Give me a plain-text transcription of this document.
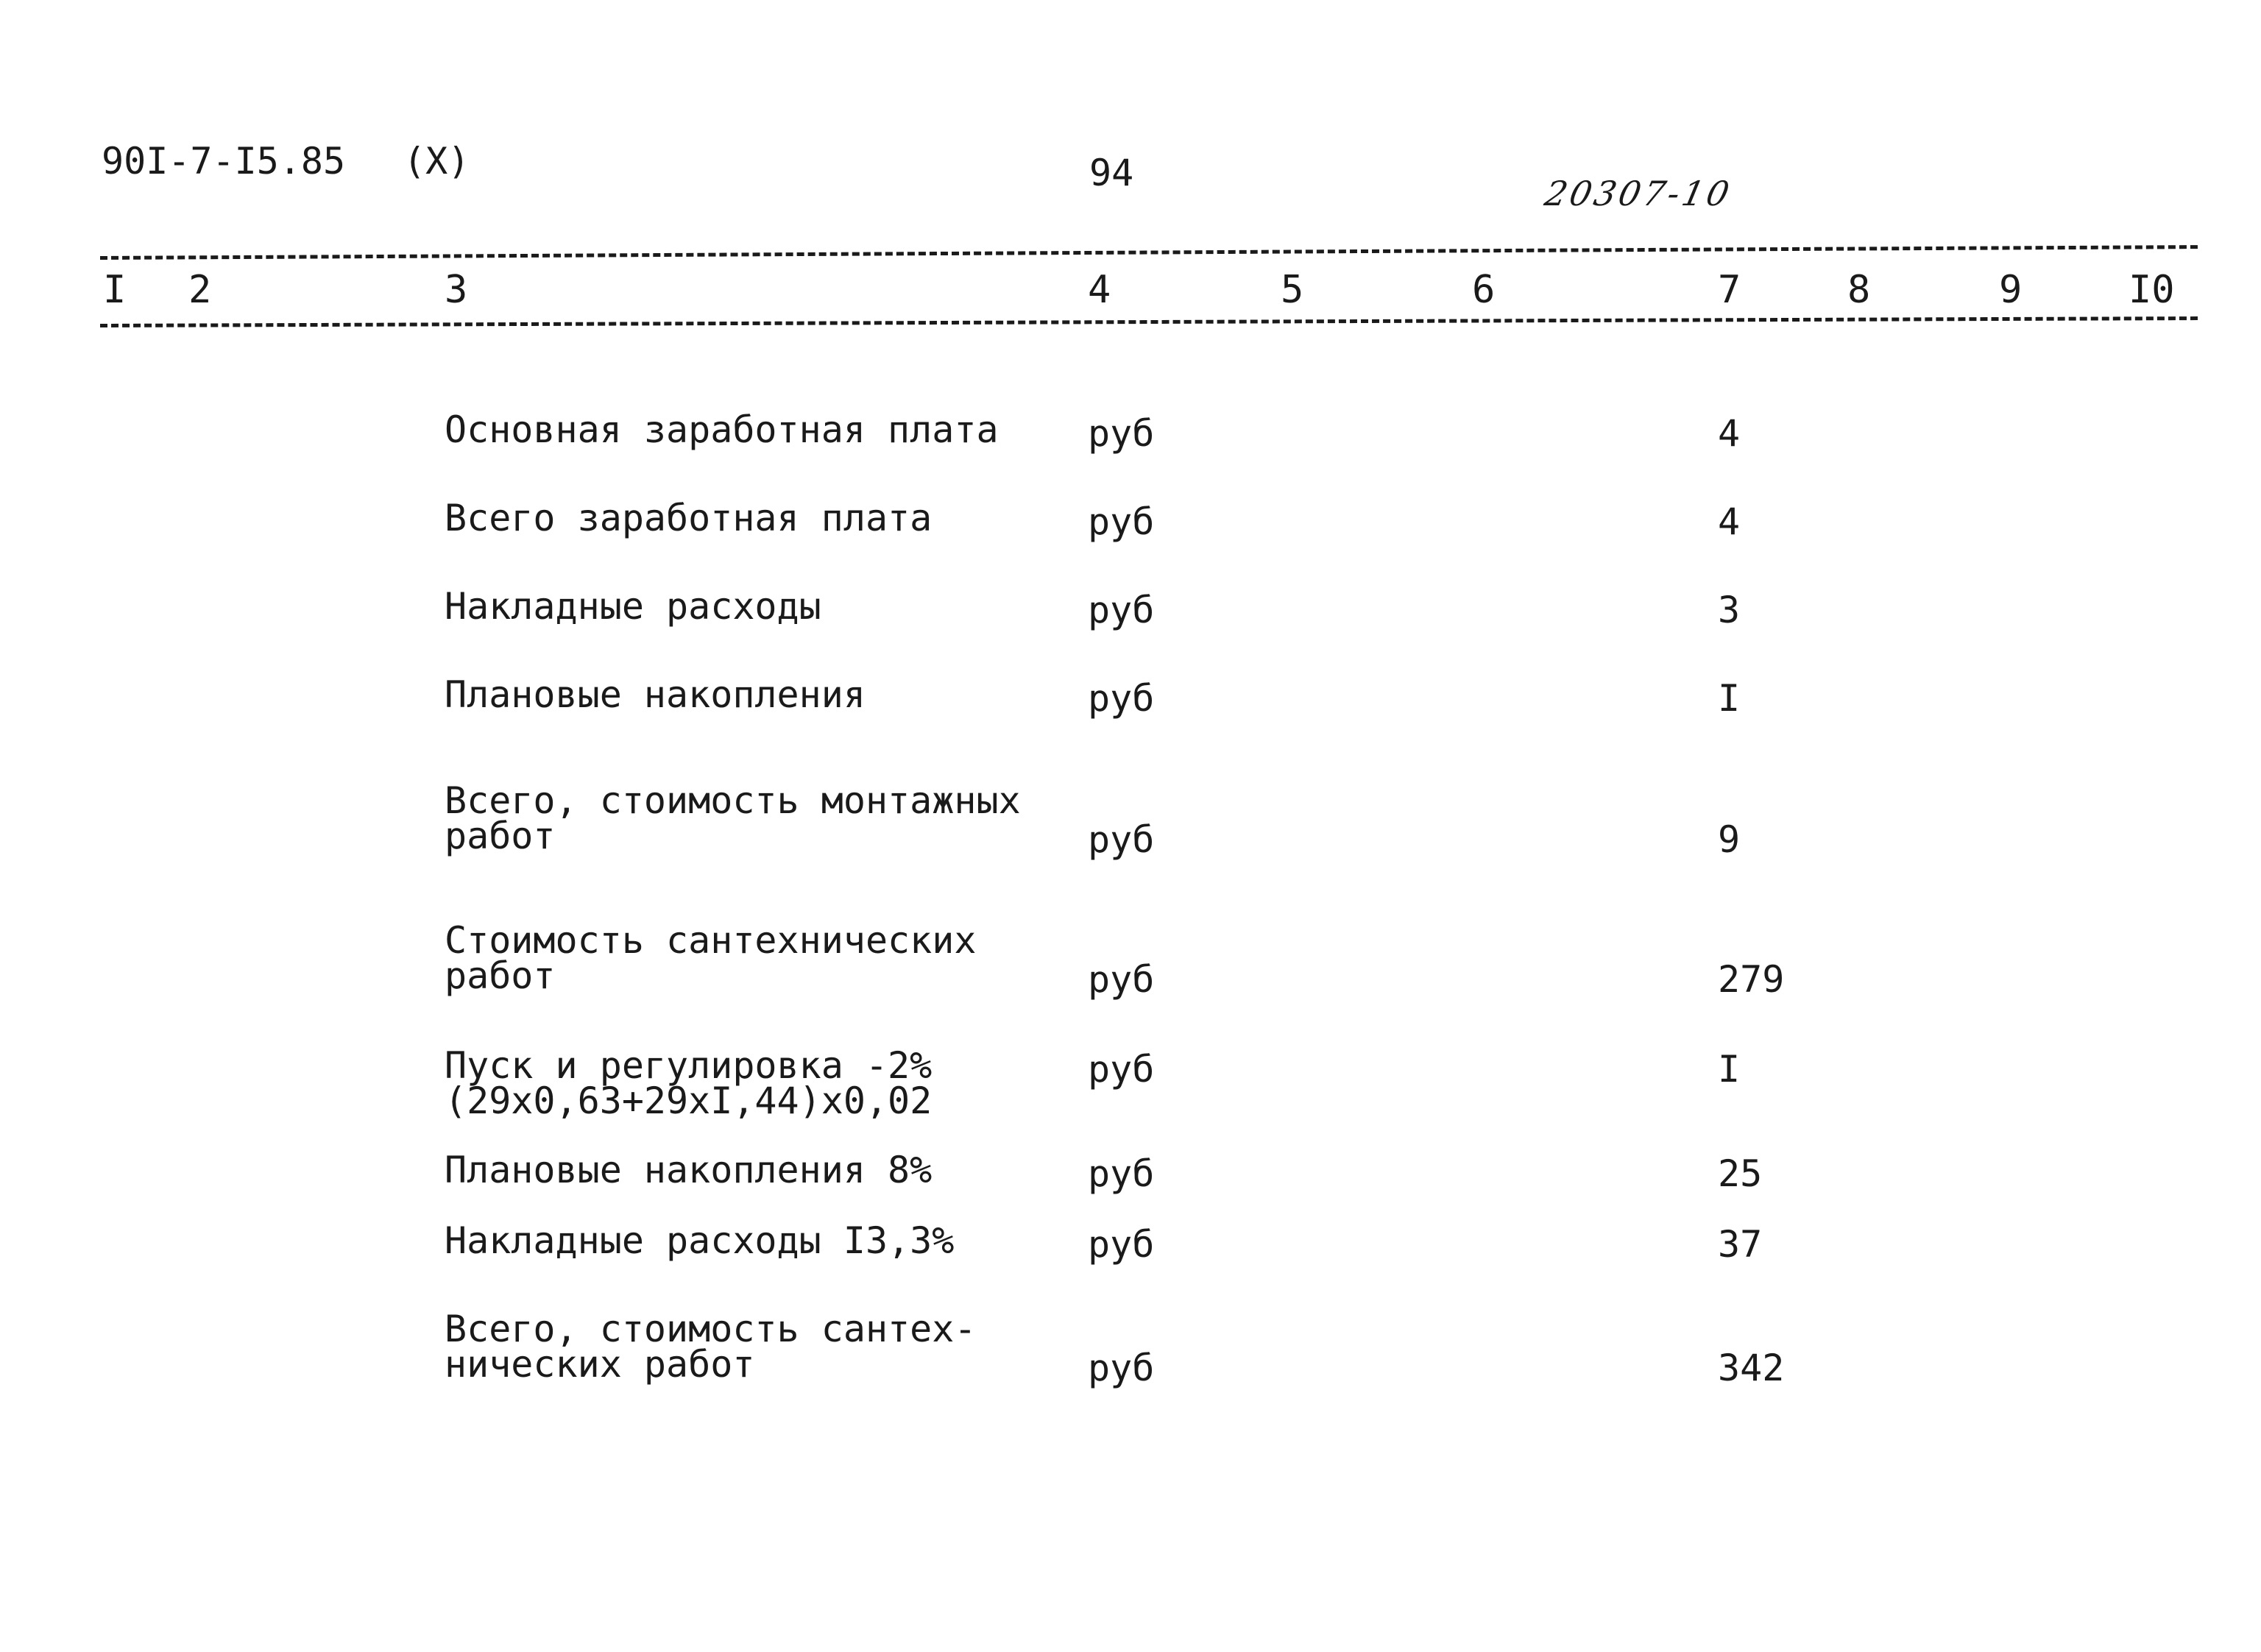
90I-7-I5.85 (X)	94	20307-10
I 2	3	4	5	6	7	8	9	I0
Основная заработная плата	руб	4
Всего заработная плата	руб	4
Накладные расходы	руб	3
Плановые накопления	руб	I
Всего, стоимость монтажных
работ	руб	9
Стоимость сантехнических
работ	руб	279
Пуск и регулировка -2%
(29x0,63+29xI,44)x0,02
руб	I
Плановые накопления 8%	руб	25
Накладные расходы I3,3%	руб	37
Всего, стоимость сантех-
нических работ	руб	342
